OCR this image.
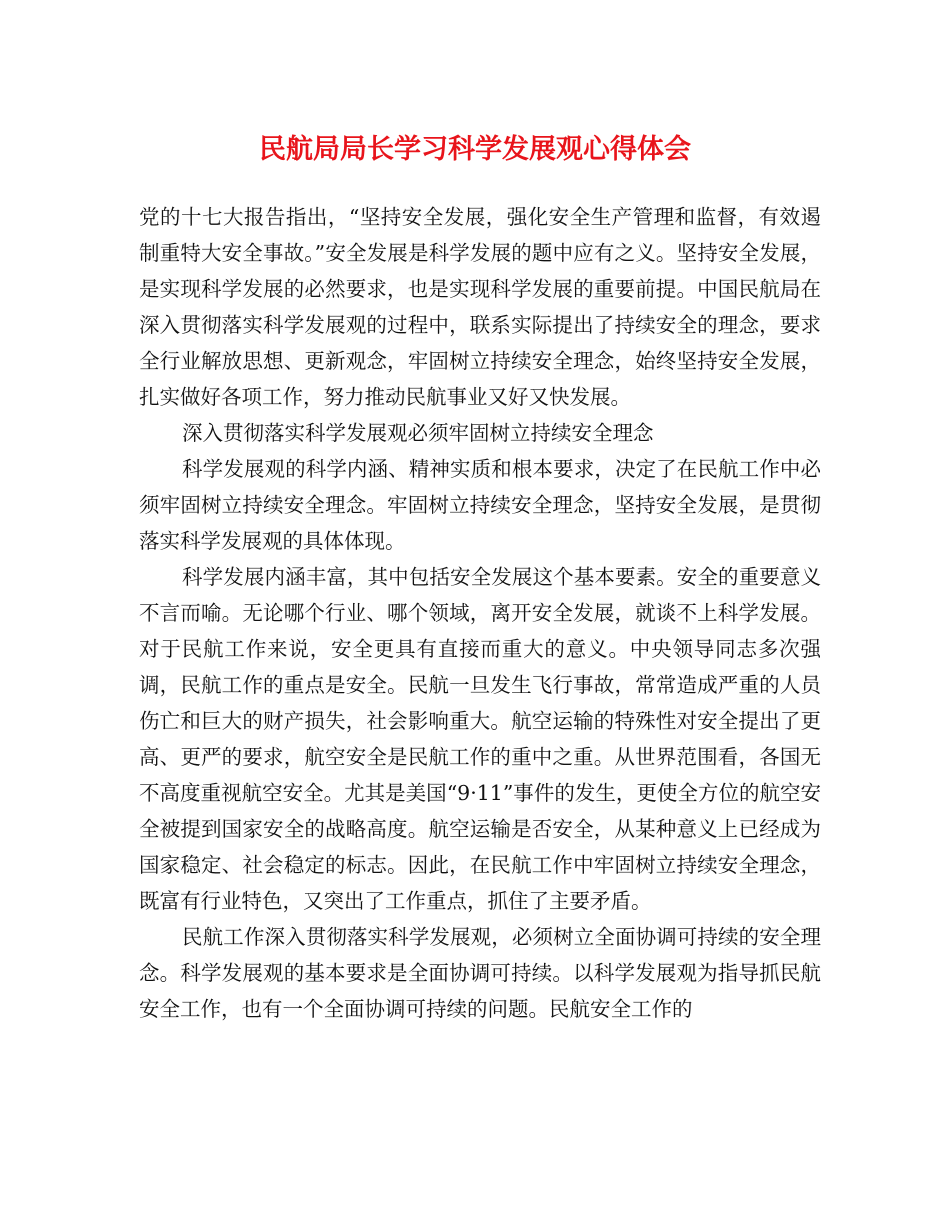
民航局局长学习科学发展观心得体会

党的十七大报告指出，“坚持安全发展，强化安全生产管理和监督，有效遏制重特大安全事故。”安全发展是科学发展的题中应有之义。坚持安全发展，是实现科学发展的必然要求，也是实现科学发展的重要前提。中国民航局在深入贯彻落实科学发展观的过程中，联系实际提出了持续安全的理念，要求全行业解放思想、更新观念，牢固树立持续安全理念，始终坚持安全发展，扎实做好各项工作，努力推动民航事业又好又快发展。

深入贯彻落实科学发展观必须牢固树立持续安全理念

科学发展观的科学内涵、精神实质和根本要求，决定了在民航工作中必须牢固树立持续安全理念。牢固树立持续安全理念，坚持安全发展，是贯彻落实科学发展观的具体体现。

科学发展内涵丰富，其中包括安全发展这个基本要素。安全的重要意义不言而喻。无论哪个行业、哪个领域，离开安全发展，就谈不上科学发展。对于民航工作来说，安全更具有直接而重大的意义。中央领导同志多次强调，民航工作的重点是安全。民航一旦发生飞行事故，常常造成严重的人员伤亡和巨大的财产损失，社会影响重大。航空运输的特殊性对安全提出了更高、更严的要求，航空安全是民航工作的重中之重。从世界范围看，各国无不高度重视航空安全。尤其是美国“9·11”事件的发生，更使全方位的航空安全被提到国家安全的战略高度。航空运输是否安全，从某种意义上已经成为国家稳定、社会稳定的标志。因此，在民航工作中牢固树立持续安全理念，既富有行业特色，又突出了工作重点，抓住了主要矛盾。

民航工作深入贯彻落实科学发展观，必须树立全面协调可持续的安全理念。科学发展观的基本要求是全面协调可持续。以科学发展观为指导抓民航安全工作，也有一个全面协调可持续的问题。民航安全工作的
